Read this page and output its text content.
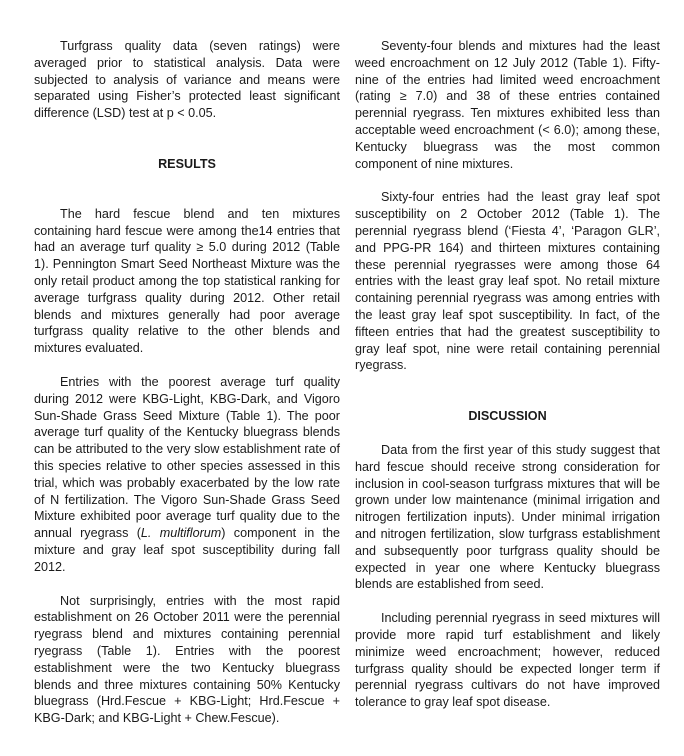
Turfgrass quality data (seven ratings) were averaged prior to statistical analysis. Data were subjected to analysis of variance and means were separated using Fisher’s protected least significant difference (LSD) test at p < 0.05.

RESULTS

The hard fescue blend and ten mixtures containing hard fescue were among the14 entries that had an average turf quality ≥ 5.0 during 2012 (Table 1). Pennington Smart Seed Northeast Mixture was the only retail product among the top statistical ranking for average turfgrass quality during 2012. Other retail blends and mixtures generally had poor average turfgrass quality relative to the other blends and mixtures evaluated.

Entries with the poorest average turf quality during 2012 were KBG-Light, KBG-Dark, and Vigoro Sun-Shade Grass Seed Mixture (Table 1). The poor average turf quality of the Kentucky bluegrass blends can be attributed to the very slow establishment rate of this species relative to other species assessed in this trial, which was probably exacerbated by the low rate of N fertilization. The Vigoro Sun-Shade Grass Seed Mixture exhibited poor average turf quality due to the annual ryegrass (L. multiflorum) component in the mixture and gray leaf spot susceptibility during fall 2012.

Not surprisingly, entries with the most rapid establishment on 26 October 2011 were the perennial ryegrass blend and mixtures containing perennial ryegrass (Table 1). Entries with the poorest establishment were the two Kentucky bluegrass blends and three mixtures containing 50% Kentucky bluegrass (Hrd.Fescue + KBG-Light; Hrd.Fescue + KBG-Dark; and KBG-Light + Chew.Fescue).

Seventy-four blends and mixtures had the least weed encroachment on 12 July 2012 (Table 1). Fifty-nine of the entries had limited weed encroachment (rating ≥ 7.0) and 38 of these entries contained perennial ryegrass. Ten mixtures exhibited less than acceptable weed encroachment (< 6.0); among these, Kentucky bluegrass was the most common component of nine mixtures.

Sixty-four entries had the least gray leaf spot susceptibility on 2 October 2012 (Table 1). The perennial ryegrass blend (‘Fiesta 4’, ‘Paragon GLR’, and PPG-PR 164) and thirteen mixtures containing these perennial ryegrasses were among those 64 entries with the least gray leaf spot. No retail mixture containing perennial ryegrass was among entries with the least gray leaf spot susceptibility. In fact, of the fifteen entries that had the greatest susceptibility to gray leaf spot, nine were retail containing perennial ryegrass.

DISCUSSION

Data from the first year of this study suggest that hard fescue should receive strong consideration for inclusion in cool-season turfgrass mixtures that will be grown under low maintenance (minimal irrigation and nitrogen fertilization inputs). Under minimal irrigation and nitrogen fertilization, slow turfgrass establishment and subsequently poor turfgrass quality should be expected in year one where Kentucky bluegrass blends are established from seed.

Including perennial ryegrass in seed mixtures will provide more rapid turf establishment and likely minimize weed encroachment; however, reduced turfgrass quality should be expected longer term if perennial ryegrass cultivars do not have improved tolerance to gray leaf spot disease.
